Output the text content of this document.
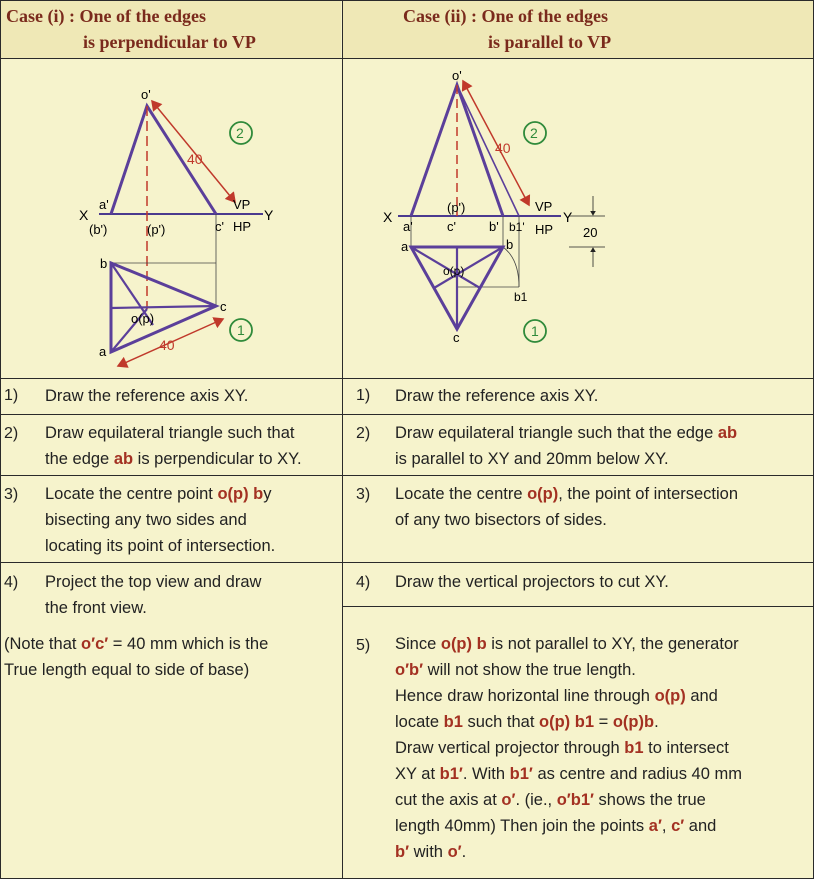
Case (i) : One of the edges
is perpendicular to VP
Case (ii) : One of the edges
is parallel to VP
o'
40
2
a'
X
(b')	(p')	c'
VP
HP
Y
b
c
o(p)
a	40
1
o'
40
2
(p')
X
a'	c'	b' b1'
VP
HP
Y
20
a	b
o(p)
b1
c	1
1) Draw the reference axis XY.
2) Draw equilateral triangle such that
the edge ab is perpendicular to XY.
3) Locate the centre point o(p) by
bisecting any two sides and
locating its point of intersection.
4) Project the top view and draw
the front view.
(Note that o′c′ = 40 mm which is the
True length equal to side of base)
1) Draw the reference axis XY.
2) Draw equilateral triangle such that the edge ab
is parallel to XY and 20mm below XY.
3) Locate the centre o(p), the point of intersection
of any two bisectors of sides.
4) Draw the vertical projectors to cut XY.
5) Since o(p) b is not parallel to XY, the generator
o′b′ will not show the true length.
Hence draw horizontal line through o(p) and
locate b1 such that o(p) b1 = o(p)b.
Draw vertical projector through b1 to intersect
XY at b1′. With b1′ as centre and radius 40 mm
cut the axis at o′. (ie., o′b1′ shows the true
length 40mm) Then join the points a′, c′ and
b′ with o′.
